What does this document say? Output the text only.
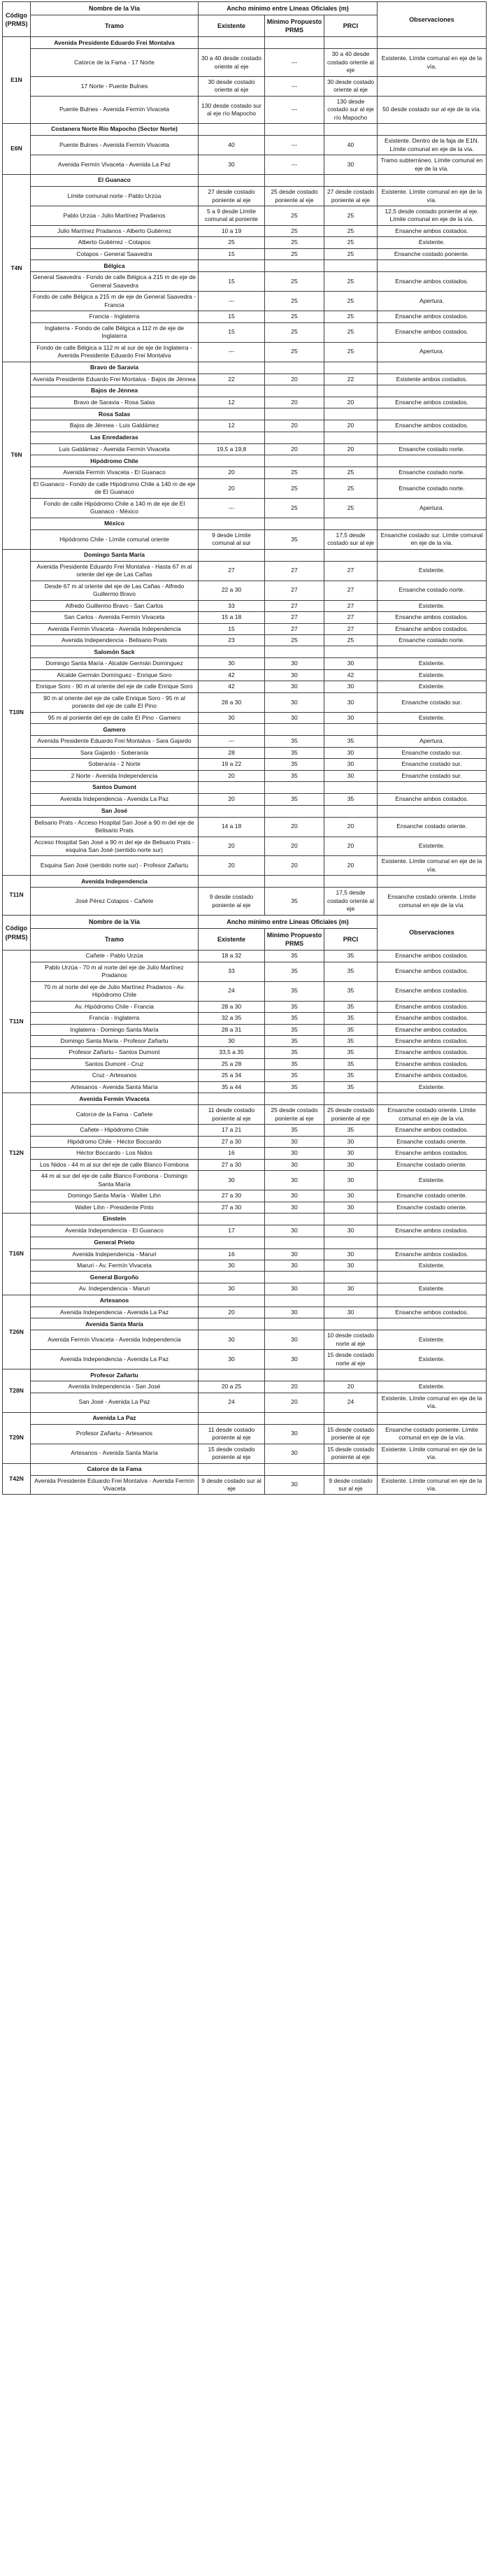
Código (PRMS)	Nombre de la Vía	Ancho mínimo entre Líneas Oficiales (m)			Observaciones
	Tramo	Existente	Mínimo Propuesto PRMS	PRCI	
E1N	Avenida Presidente Eduardo Frei Montalva				
	Catorce de la Fama - 17 Norte	30 a 40 desde costado oriente al eje	---	30 a 40 desde costado oriente al eje	Existente. Límite comunal en eje de la vía.
	17 Norte - Puente Bulnes	30 desde costado oriente al eje	---	30 desde costado oriente al eje	
	Puente Bulnes - Avenida Fermín Vivaceta	130 desde costado sur al eje río Mapocho	---	130 desde costado sur al eje río Mapocho	50 desde costado sur al eje de la vía.
E6N	Costanera Norte Río Mapocho (Sector Norte)				
	Puente Bulnes - Avenida Fermín Vivaceta	40	---	40	Existente. Dentro de la faja de E1N. Límite comunal en eje de la vía.
	Avenida Fermín Vivaceta - Avenida La Paz	30	---	30	Tramo subterráneo. Límite comunal en eje de la vía.
T4N	El Guanaco				
	Límite comunal norte - Pablo Urzúa	27 desde costado poniente al eje	25 desde costado poniente al eje	27 desde costado poniente al eje	Existente. Límite comunal en eje de la vía.
	Pablo Urzúa - Julio Martínez Pradanos	5 a 9 desde Límite comunal al poniente	25	25	12,5 desde costado poniente al eje. Límite comunal en eje de la vía.
	Julio Martínez Pradanos - Alberto Gutiérrez	10 a 19	25	25	Ensanche ambos costados.
	Alberto Gutiérrez - Cotapos	25	25	25	Existente.
	Cotapos - General Saavedra	15	25	25	Ensanche costado poniente.
	Bélgica				
	General Saavedra - Fondo de calle Bélgica a 215 m de eje de General Saavedra	15	25	25	Ensanche ambos costados.
	Fondo de calle Bélgica a 215 m de eje de General Saavedra - Francia	---	25	25	Apertura.
	Francia - Inglaterra	15	25	25	Ensanche ambos costados.
	Inglaterra - Fondo de calle Bélgica a 112 m de eje de Inglaterra	15	25	25	Ensanche ambos costados.
	Fondo de calle Bélgica a 112 m al sur de eje de Inglaterra - Avenida Presidente Eduardo Frei Montalva	---	25	25	Apertura.
T6N	Bravo de Saravia				
	Avenida Presidente Eduardo Frei Montalva - Bajos de Jénnea	22	20	22	Existente ambos costados.
	Bajos de Jénnea				
	Bravo de Saravia - Rosa Salas	12	20	20	Ensanche ambos costados.
	Rosa Salas				
	Bajos de Jénnea - Luis Galdámez	12	20	20	Ensanche ambos costados.
	Las Enredaderas				
	Luis Galdámez - Avenida Fermín Vivaceta	19,5 a 19,8	20	20	Ensanche costado norte.
	Hipódromo Chile				
	Avenida Fermín Vivaceta - El Guanaco	20	25	25	Ensanche costado norte.
	El Guanaco - Fondo de calle Hipódromo Chile a 140 m de eje de El Guanaco	20	25	25	Ensanche costado norte.
	Fondo de calle Hipódromo Chile a 140 m de eje de El Guanaco - México	---	25	25	Apertura.
	México				
	Hipódromo Chile - Límite comunal oriente	9 desde Límite comunal al sur	35	17,5 desde costado sur al eje	Ensanche costado sur. Límite comunal en eje de la vía.
T10N	Domingo Santa María				
	Avenida Presidente Eduardo Frei Montalva - Hasta 67 m al oriente del eje de Las Cañas	27	27	27	Existente.
	Desde 67 m al oriente del eje de Las Cañas - Alfredo Guillermo Bravo	22 a 30	27	27	Ensanche costado norte.
	Alfredo Guillermo Bravo - San Carlos	33	27	27	Existente.
	San Carlos - Avenida Fermín Vivaceta	15 a 18	27	27	Ensanche ambos costados.
	Avenida Fermín Vivaceta - Avenida Independencia	15	27	27	Ensanche ambos costados.
	Avenida Independencia - Belisario Prats	23	25	25	Ensanche costado norte.
	Salomón Sack				
	Domingo Santa María - Alcalde Germán Domínguez	30	30	30	Existente.
	Alcalde Germán Domínguez - Enrique Soro	42	30	42	Existente.
	Enrique Soro - 90 m al oriente del eje de calle Enrique Soro	42	30	30	Existente.
	90 m al oriente del eje de calle Enrique Soro - 95 m al poniente del eje de calle El Pino	28 a 30	30	30	Ensanche costado sur.
	95 m al poniente del eje de calle El Pino - Gamero	30	30	30	Existente.
	Gamero				
	Avenida Presidente Eduardo Frei Montalva - Sara Gajardo	---	35	35	Apertura.
	Sara Gajardo - Soberanía	28	35	30	Ensanche costado sur.
	Soberanía - 2 Norte	19 a 22	35	30	Ensanche costado sur.
	2 Norte - Avenida Independencia	20	35	30	Ensanche costado sur.
	Santos Dumont				
	Avenida Independencia - Avenida La Paz	20	35	35	Ensanche ambos costados.
	San José				
	Belisario Prats - Acceso Hospital San José a 90 m del eje de Belisario Prats	14 a 18	20	20	Ensanche costado oriente.
	Acceso Hospital San José a 90 m del eje de Belisario Prats - esquina San José (sentido norte sur)	20	20	20	Existente.
	Esquina San José (sentido norte sur) - Profesor Zañartu	20	20	20	Existente. Límite comunal en eje de la vía.
T11N	Avenida Independencia				
	José Pérez Cotapos - Cañete	9 desde costado poniente al eje	35	17,5 desde costado oriente al eje	Ensanche costado oriente. Límite comunal en eje de la vía.
Código (PRMS)	Nombre de la Vía	Ancho mínimo entre Líneas Oficiales (m)			Observaciones
	Tramo	Existente	Mínimo Propuesto PRMS	PRCI	
T11N	Cañete - Pablo Urzúa	18 a 32	35	35	Ensanche ambos costados.
	Pablo Urzúa - 70 m al norte del eje de Julio Martínez Pradanos	33	35	35	Ensanche ambos costados.
	70 m al norte del eje de Julio Martínez Pradanos - Av. Hipódromo Chile	24	35	35	Ensanche ambos costados.
	Av. Hipódromo Chile - Francia	28 a 30	35	35	Ensanche ambos costados.
	Francia - Inglaterra	32 a 35	35	35	Ensanche ambos costados.
	Inglaterra - Domingo Santa María	28 a 31	35	35	Ensanche ambos costados.
	Domingo Santa María - Profesor Zañartu	30	35	35	Ensanche ambos costados.
	Profesor Zañartu - Santos Dumont	33,5 a 35	35	35	Ensanche ambos costados.
	Santos Dumont - Cruz	25 a 28	35	35	Ensanche ambos costados.
	Cruz - Artesanos	25 a 34	35	35	Ensanche ambos costados.
	Artesanos - Avenida Santa María	35 a 44	35	35	Existente.
T12N	Avenida Fermín Vivaceta				
	Catorce de la Fama - Cañete	11 desde costado poniente al eje	25 desde costado poniente al eje	25 desde costado poniente al eje	Ensanche costado oriente. Límite comunal en eje de la vía.
	Cañete - Hipódromo Chile	17 a 21	35	35	Ensanche ambos costados.
	Hipódromo Chile - Héctor Boccardo	27 a 30	30	30	Ensanche costado oriente.
	Héctor Boccardo - Los Nidos	16	30	30	Ensanche ambos costados.
	Los Nidos - 44 m al sur del eje de calle Blanco Fombona	27 a 30	30	30	Ensanche costado oriente.
	44 m al sur del eje de calle Blanco Fombona - Domingo Santa María	30	30	30	Existente.
	Domingo Santa María - Walter Lihn	27 a 30	30	30	Ensanche costado oriente.
	Walter Lihn - Presidente Pinto	27 a 30	30	30	Ensanche costado oriente.
T16N	Einstein				
	Avenida Independencia - El Guanaco	17	30	30	Ensanche ambos costados.
	General Prieto				
	Avenida Independencia - Maruri	16	30	30	Ensanche ambos costados.
	Maruri - Av. Fermín Vivaceta	30	30	30	Existente.
	General Borgoño				
	Av. Independencia - Maruri	30	30	30	Existente.
T26N	Artesanos				
	Avenida Independencia - Avenida La Paz	20	30	30	Ensanche ambos costados.
	Avenida Santa María				
	Avenida Fermín Vivaceta - Avenida Independencia	30	30	10 desde costado norte al eje	Existente.
	Avenida Independencia - Avenida La Paz	30	30	15 desde costado norte al eje	Existente.
T28N	Profesor Zañartu				
	Avenida Independencia - San José	20 a 25	20	20	Existente.
	San José - Avenida La Paz	24	20	24	Existente. Límite comunal en eje de la vía.
T29N	Avenida La Paz				
	Profesor Zañartu - Artesanos	11 desde costado poniente al eje	30	15 desde costado poniente al eje	Ensanche costado poniente. Límite comunal en eje de la vía.
	Artesanos - Avenida Santa María	15 desde costado poniente al eje	30	15 desde costado poniente al eje	Existente. Límite comunal en eje de la vía.
T42N	Catorce de la Fama				
	Avenida Presidente Eduardo Frei Montalva - Avenida Fermín Vivaceta	9 desde costado sur al eje	30	9 desde costado sur al eje	Existente. Límite comunal en eje de la vía.
